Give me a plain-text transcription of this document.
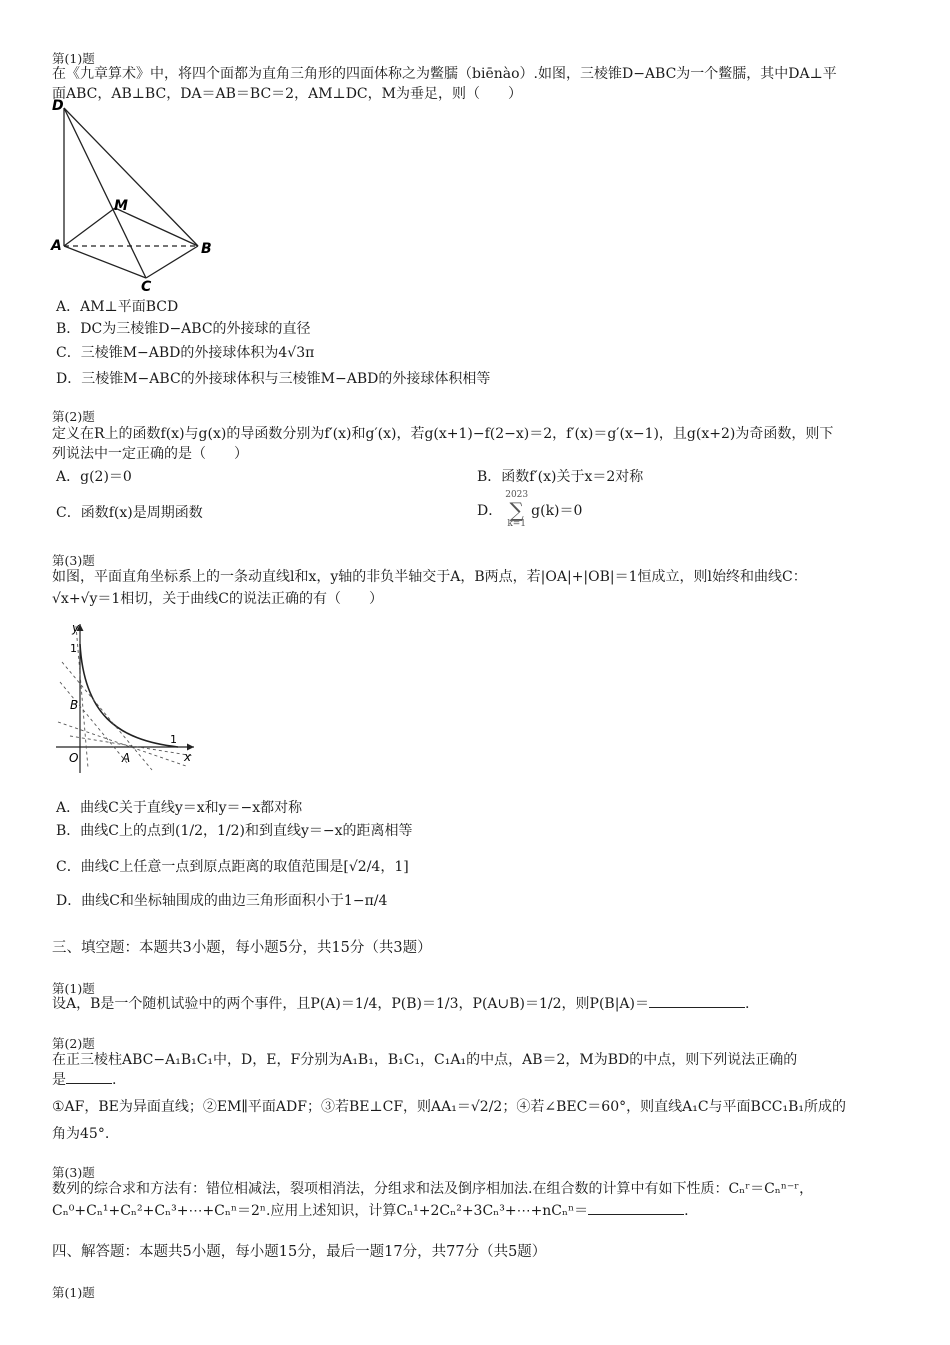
第(1)题
在《九章算术》中，将四个面都为直角三角形的四面体称之为鳖臑（biēnào）.如图，三棱锥D−ABC为一个鳖臑，其中DA⊥平
面ABC，AB⊥BC，DA＝AB＝BC＝2，AM⊥DC，M为垂足，则（　　）
D
M
A	B
C
A．AM⊥平面BCD
B．DC为三棱锥D−ABC的外接球的直径
C．三棱锥M−ABD的外接球体积为4√3π
D．三棱锥M−ABC的外接球体积与三棱锥M−ABD的外接球体积相等
第(2)题
定义在R上的函数f(x)与g(x)的导函数分别为f′(x)和g′(x)，若g(x+1)−f(2−x)＝2，f′(x)＝g′(x−1)，且g(x+2)为奇函数，则下
列说法中一定正确的是（　　）
A．g(2)＝0	B．函数f′(x)关于x＝2对称
C．函数f(x)是周期函数	D．
2023
∑
k=1
g(k)＝0
第(3)题
如图，平面直角坐标系上的一条动直线l和x，y轴的非负半轴交于A，B两点，若|OA|+|OB|＝1恒成立，则l始终和曲线C：
√x+√y＝1相切，关于曲线C的说法正确的有（　　）
y
x
O	A
B
1
1
A．曲线C关于直线y＝x和y＝−x都对称
B．曲线C上的点到(1/2，1/2)和到直线y＝−x的距离相等
C．曲线C上任意一点到原点距离的取值范围是[√2/4，1]
D．曲线C和坐标轴围成的曲边三角形面积小于1−π/4
三、填空题：本题共3小题，每小题5分，共15分（共3题）
第(1)题
设A，B是一个随机试验中的两个事件，且P(A)＝1/4，P(B)＝1/3，P(A∪B)＝1/2，则P(B|A)＝	.
第(2)题
在正三棱柱ABC−A₁B₁C₁中，D，E，F分别为A₁B₁，B₁C₁，C₁A₁的中点，AB＝2，M为BD的中点，则下列说法正确的
是	.
①AF，BE为异面直线；②EM∥平面ADF；③若BE⊥CF，则AA₁＝√2/2；④若∠BEC＝60°，则直线A₁C与平面BCC₁B₁所成的
角为45°.
第(3)题
数列的综合求和方法有：错位相减法，裂项相消法，分组求和法及倒序相加法.在组合数的计算中有如下性质：Cₙʳ＝Cₙⁿ⁻ʳ，
Cₙ⁰+Cₙ¹+Cₙ²+Cₙ³+⋯+Cₙⁿ＝2ⁿ.应用上述知识，计算Cₙ¹+2Cₙ²+3Cₙ³+⋯+nCₙⁿ＝	.
四、解答题：本题共5小题，每小题15分，最后一题17分，共77分（共5题）
第(1)题
